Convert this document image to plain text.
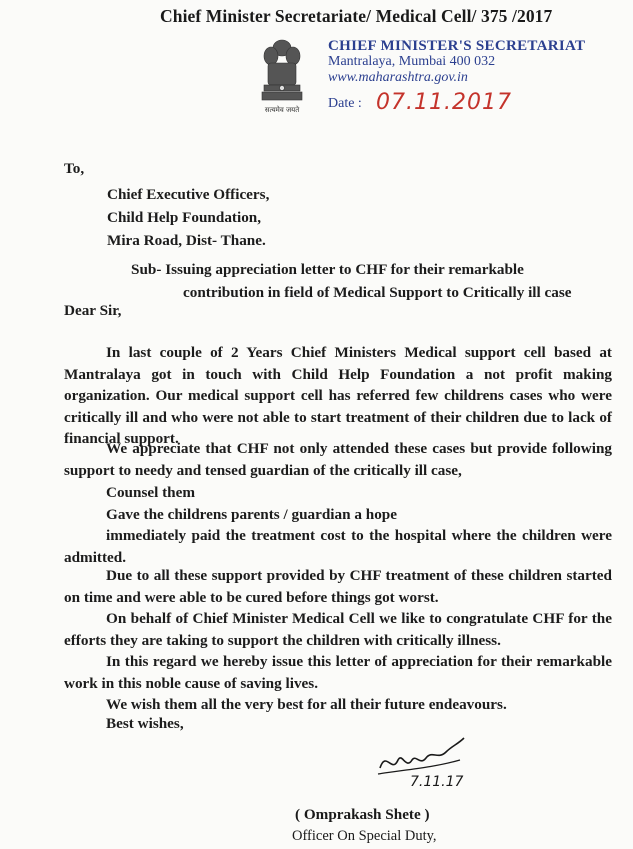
Chief Minister Secretariate/ Medical Cell/ 375 /2017
सत्यमेव जयते
CHIEF MINISTER'S SECRETARIAT
Mantralaya, Mumbai 400 032
www.maharashtra.gov.in
Date : 07.11.2017
To,
Chief Executive Officers,
Child Help Foundation,
Mira Road, Dist- Thane.
Sub- Issuing appreciation letter to CHF for their remarkable
contribution in field of Medical Support to Critically ill case
Dear Sir,
In last couple of 2 Years Chief Ministers Medical support cell based at Mantralaya got in touch with Child Help Foundation a not profit making organization. Our medical support cell has referred few childrens cases who were critically ill and who were not able to start treatment of their children due to lack of financial support.
We appreciate that CHF not only attended these cases but provide following support to needy and tensed guardian of the critically ill case,
Counsel them
Gave the childrens parents / guardian a hope
immediately paid the treatment cost to the hospital where the children were admitted.
Due to all these support provided by CHF treatment of these children started on time and were able to be cured before things got worst.
On behalf of Chief Minister Medical Cell we like to congratulate CHF for the efforts they are taking to support the children with critically illness.
In this regard we hereby issue this letter of appreciation for their remarkable work in this noble cause of saving lives.
We wish them all the very best for all their future endeavours.
Best wishes,
7.11.17
( Omprakash Shete )
Officer On Special Duty,
